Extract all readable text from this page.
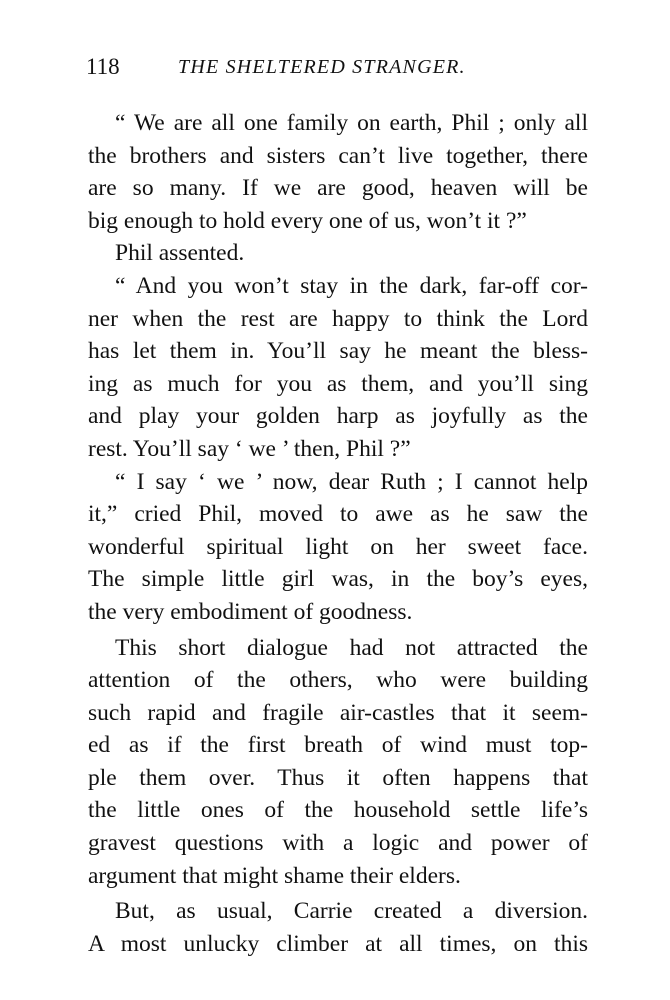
118	THE SHELTERED STRANGER.
“ We are all one family on earth, Phil ; only all
the brothers and sisters can’t live together, there
are so many. If we are good, heaven will be
big enough to hold every one of us, won’t it ?”
Phil assented.
“ And you won’t stay in the dark, far-off cor-
ner when the rest are happy to think the Lord
has let them in. You’ll say he meant the bless-
ing as much for you as them, and you’ll sing
and play your golden harp as joyfully as the
rest. You’ll say ‘ we ’ then, Phil ?”
“ I say ‘ we ’ now, dear Ruth ; I cannot help
it,” cried Phil, moved to awe as he saw the
wonderful spiritual light on her sweet face.
The simple little girl was, in the boy’s eyes,
the very embodiment of goodness.
This short dialogue had not attracted the
attention of the others, who were building
such rapid and fragile air-castles that it seem-
ed as if the first breath of wind must top-
ple them over. Thus it often happens that
the little ones of the household settle life’s
gravest questions with a logic and power of
argument that might shame their elders.
But, as usual, Carrie created a diversion.
A most unlucky climber at all times, on this
